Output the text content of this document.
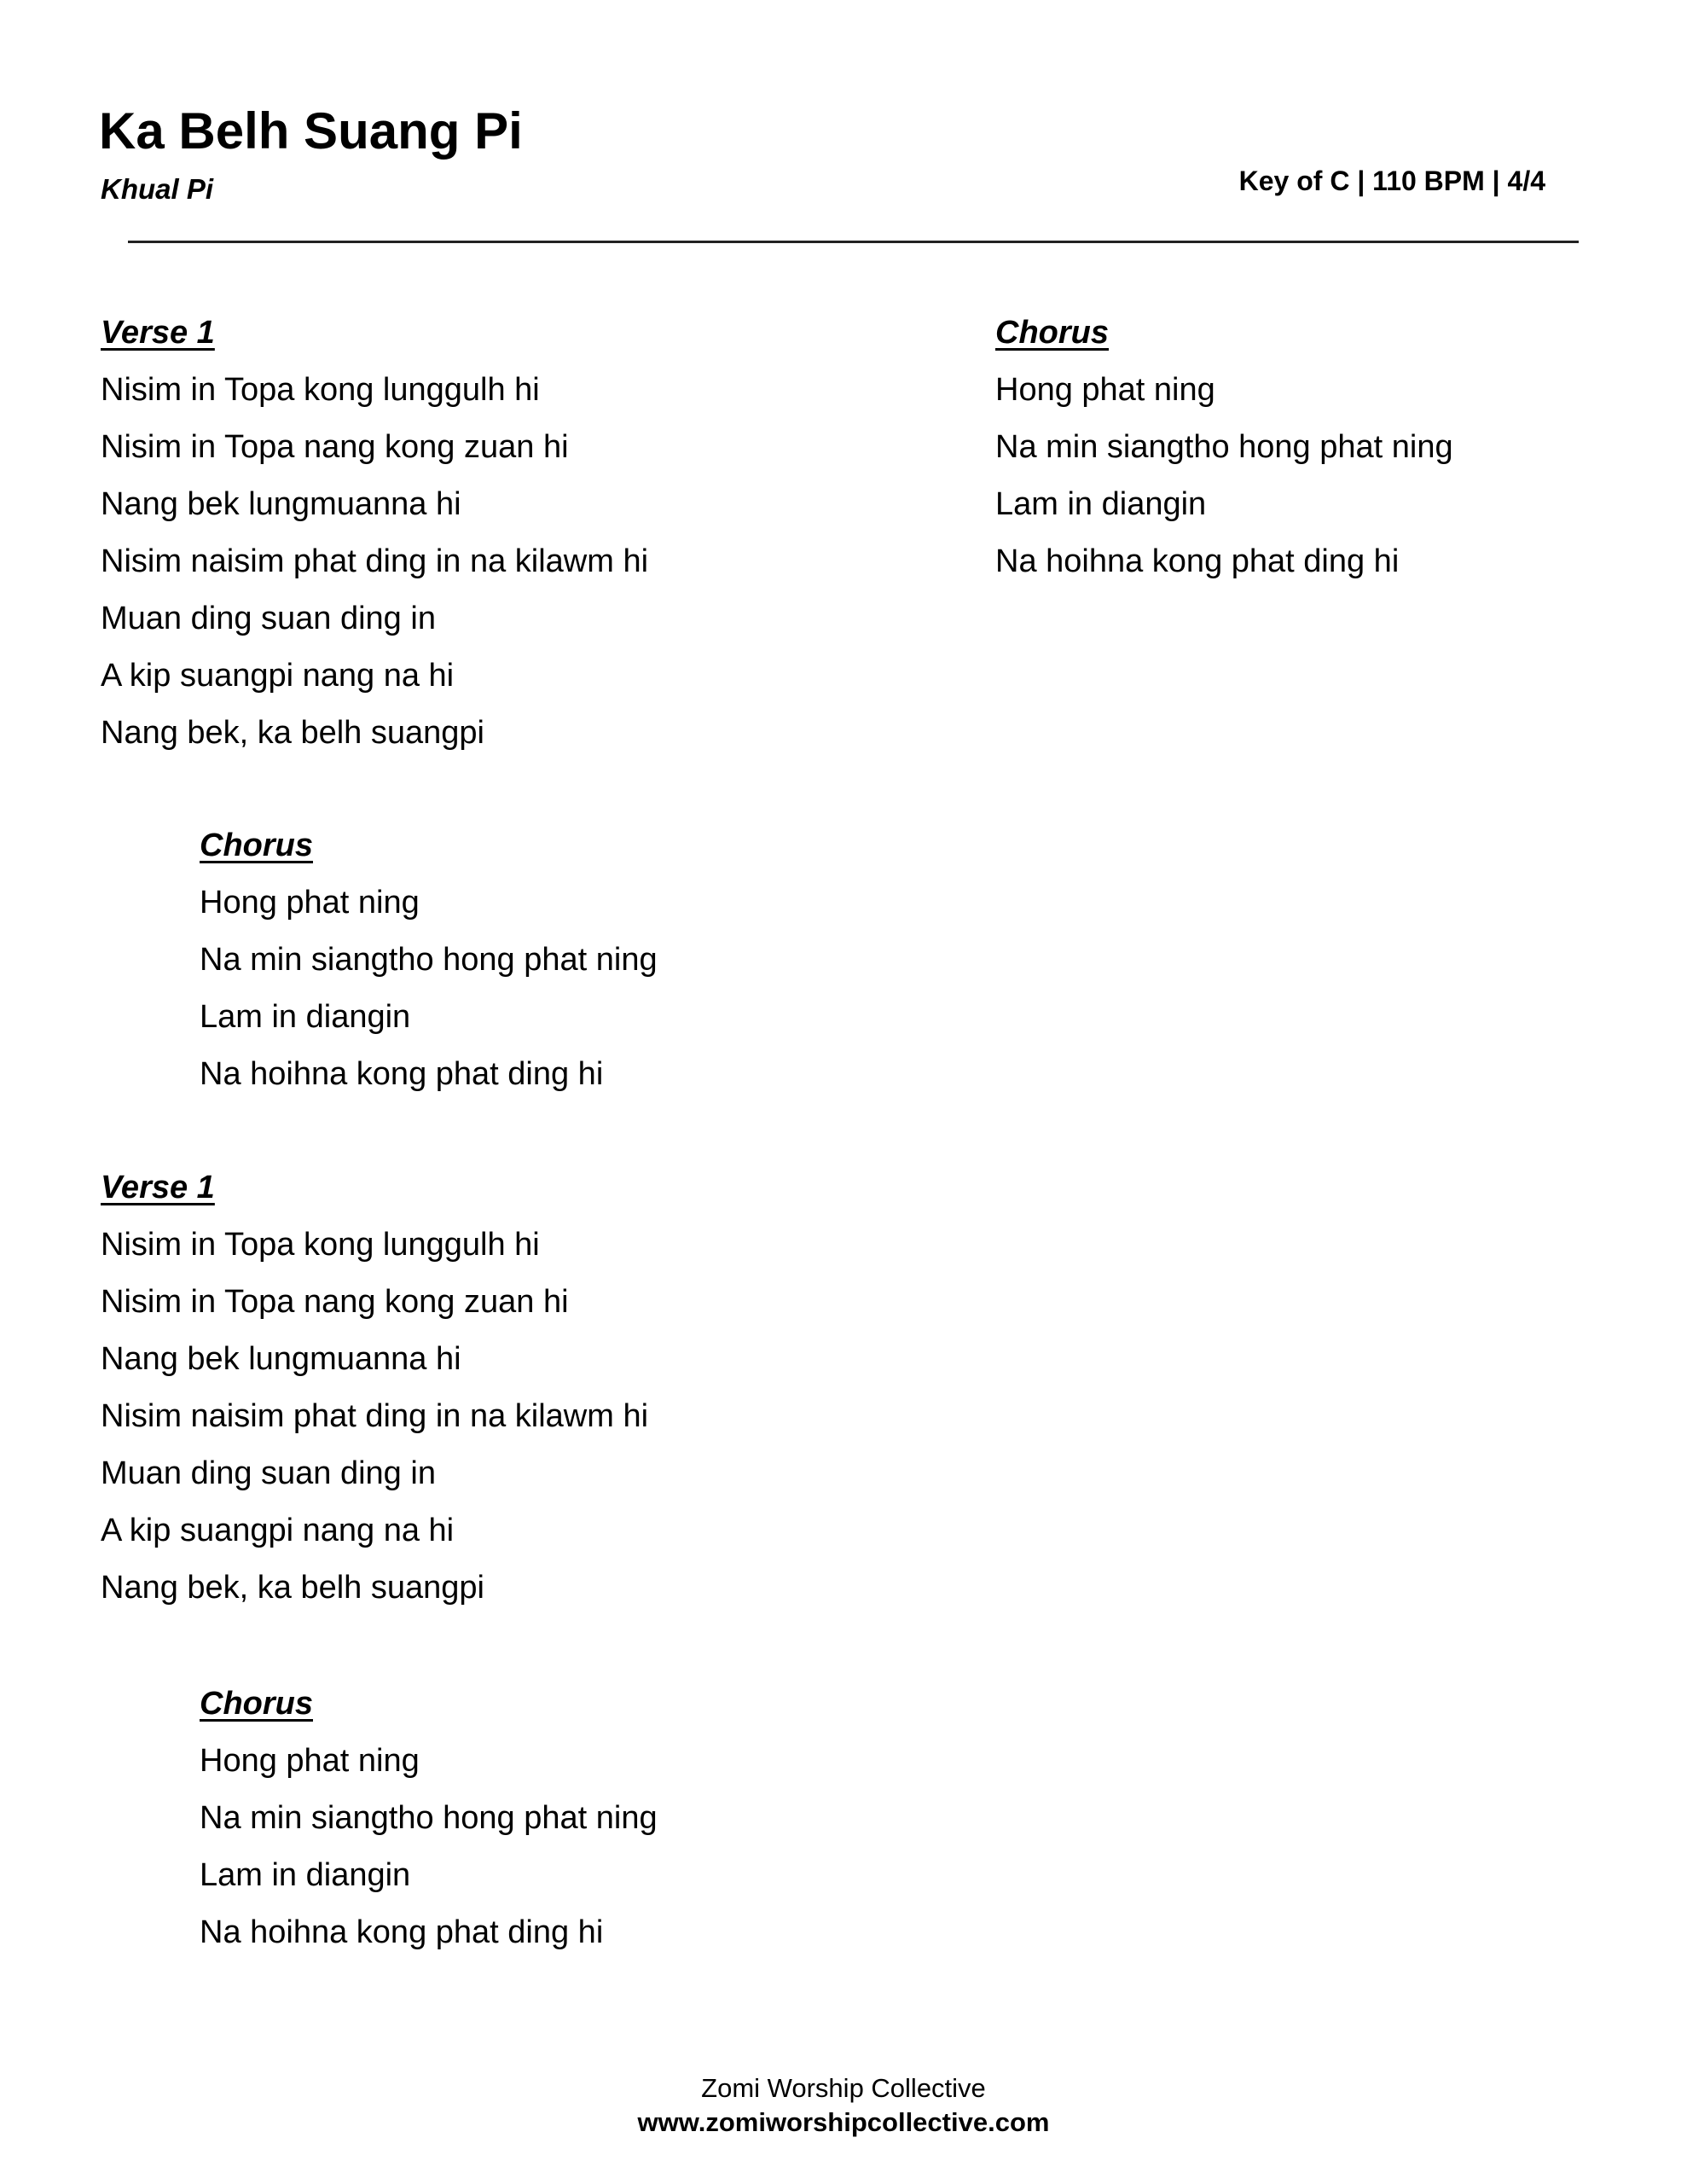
Ka Belh Suang Pi
Khual Pi	Key of C | 110 BPM | 4/4
Verse 1
Nisim in Topa kong lunggulh hi
Nisim in Topa nang kong zuan hi
Nang bek lungmuanna hi
Nisim naisim phat ding in na kilawm hi
Muan ding suan ding in
A kip suangpi nang na hi
Nang bek, ka belh suangpi
Chorus
Hong phat ning
Na min siangtho hong phat ning
Lam in diangin
Na hoihna kong phat ding hi
Chorus
Hong phat ning
Na min siangtho hong phat ning
Lam in diangin
Na hoihna kong phat ding hi
Verse 1
Nisim in Topa kong lunggulh hi
Nisim in Topa nang kong zuan hi
Nang bek lungmuanna hi
Nisim naisim phat ding in na kilawm hi
Muan ding suan ding in
A kip suangpi nang na hi
Nang bek, ka belh suangpi
Chorus
Hong phat ning
Na min siangtho hong phat ning
Lam in diangin
Na hoihna kong phat ding hi
Zomi Worship Collective
www.zomiworshipcollective.com
